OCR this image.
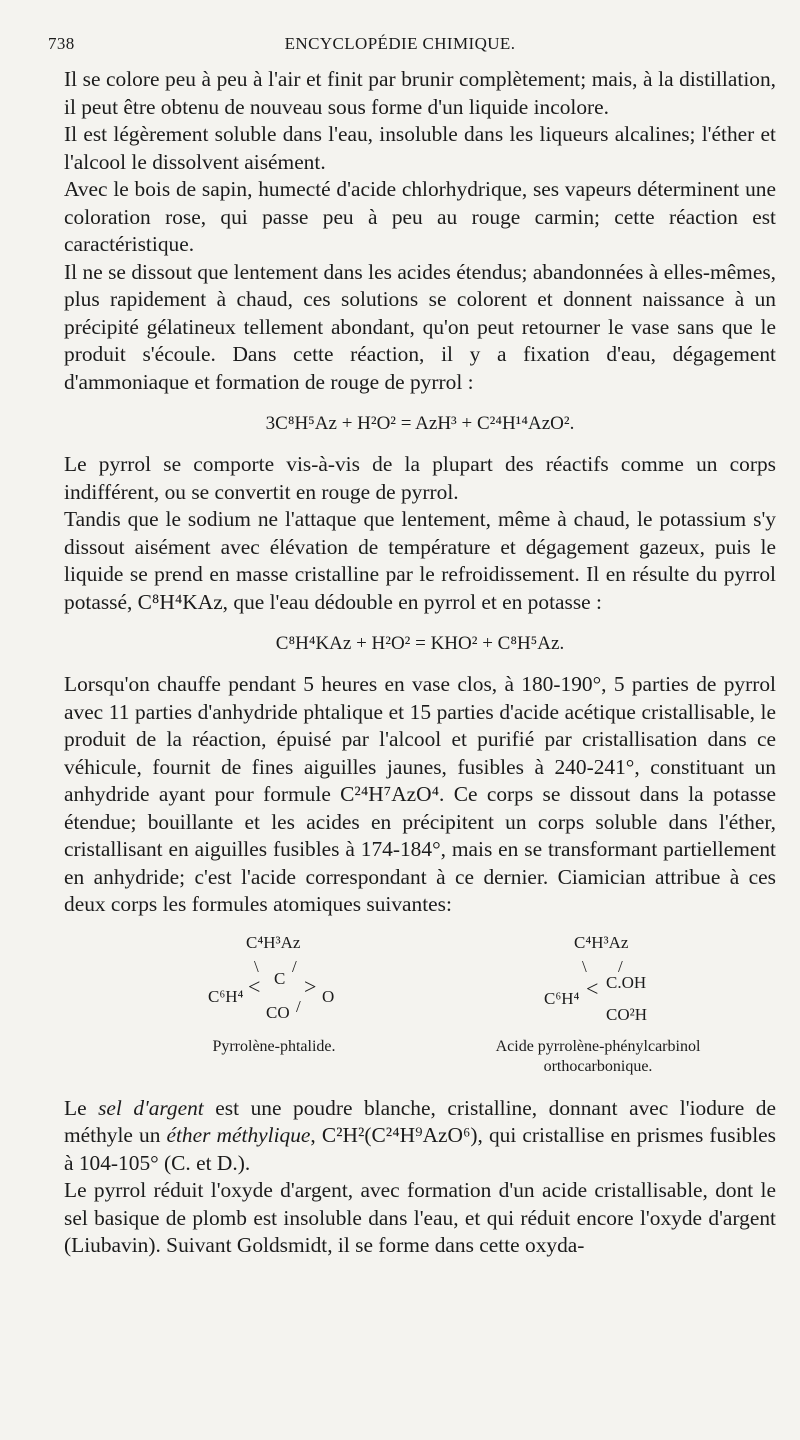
738	ENCYCLOPÉDIE CHIMIQUE.

Il se colore peu à peu à l'air et finit par brunir complètement; mais, à la distillation, il peut être obtenu de nouveau sous forme d'un liquide incolore.

Il est légèrement soluble dans l'eau, insoluble dans les liqueurs alcalines; l'éther et l'alcool le dissolvent aisément.

Avec le bois de sapin, humecté d'acide chlorhydrique, ses vapeurs déterminent une coloration rose, qui passe peu à peu au rouge carmin; cette réaction est caractéristique.

Il ne se dissout que lentement dans les acides étendus; abandonnées à elles-mêmes, plus rapidement à chaud, ces solutions se colorent et donnent naissance à un précipité gélatineux tellement abondant, qu'on peut retourner le vase sans que le produit s'écoule. Dans cette réaction, il y a fixation d'eau, dégagement d'ammoniaque et formation de rouge de pyrrol :

3C⁸H⁵Az + H²O² = AzH³ + C²⁴H¹⁴AzO².

Le pyrrol se comporte vis-à-vis de la plupart des réactifs comme un corps indifférent, ou se convertit en rouge de pyrrol.

Tandis que le sodium ne l'attaque que lentement, même à chaud, le potassium s'y dissout aisément avec élévation de température et dégagement gazeux, puis le liquide se prend en masse cristalline par le refroidissement. Il en résulte du pyrrol potassé, C⁸H⁴KAz, que l'eau dédouble en pyrrol et en potasse :

C⁸H⁴KAz + H²O² = KHO² + C⁸H⁵Az.

Lorsqu'on chauffe pendant 5 heures en vase clos, à 180-190°, 5 parties de pyrrol avec 11 parties d'anhydride phtalique et 15 parties d'acide acétique cristallisable, le produit de la réaction, épuisé par l'alcool et purifié par cristallisation dans ce véhicule, fournit de fines aiguilles jaunes, fusibles à 240-241°, constituant un anhydride ayant pour formule C²⁴H⁷AzO⁴. Ce corps se dissout dans la potasse étendue; bouillante et les acides en précipitent un corps soluble dans l'éther, cristallisant en aiguilles fusibles à 174-184°, mais en se transformant partiellement en anhydride; c'est l'acide correspondant à ce dernier. Ciamician attribue à ces deux corps les formules atomiques suivantes:

C⁴H³Az
\ /
C
C⁶H⁴ < > O
CO /
Pyrrolène-phtalide.
C⁴H³Az
\ /
C.OH
C⁶H⁴ <
CO²H
Acide pyrrolène-phénylcarbinol orthocarbonique.

Le sel d'argent est une poudre blanche, cristalline, donnant avec l'iodure de méthyle un éther méthylique, C²H²(C²⁴H⁹AzO⁶), qui cristallise en prismes fusibles à 104-105° (C. et D.).

Le pyrrol réduit l'oxyde d'argent, avec formation d'un acide cristallisable, dont le sel basique de plomb est insoluble dans l'eau, et qui réduit encore l'oxyde d'argent (Liubavin). Suivant Goldsmidt, il se forme dans cette oxyda-
